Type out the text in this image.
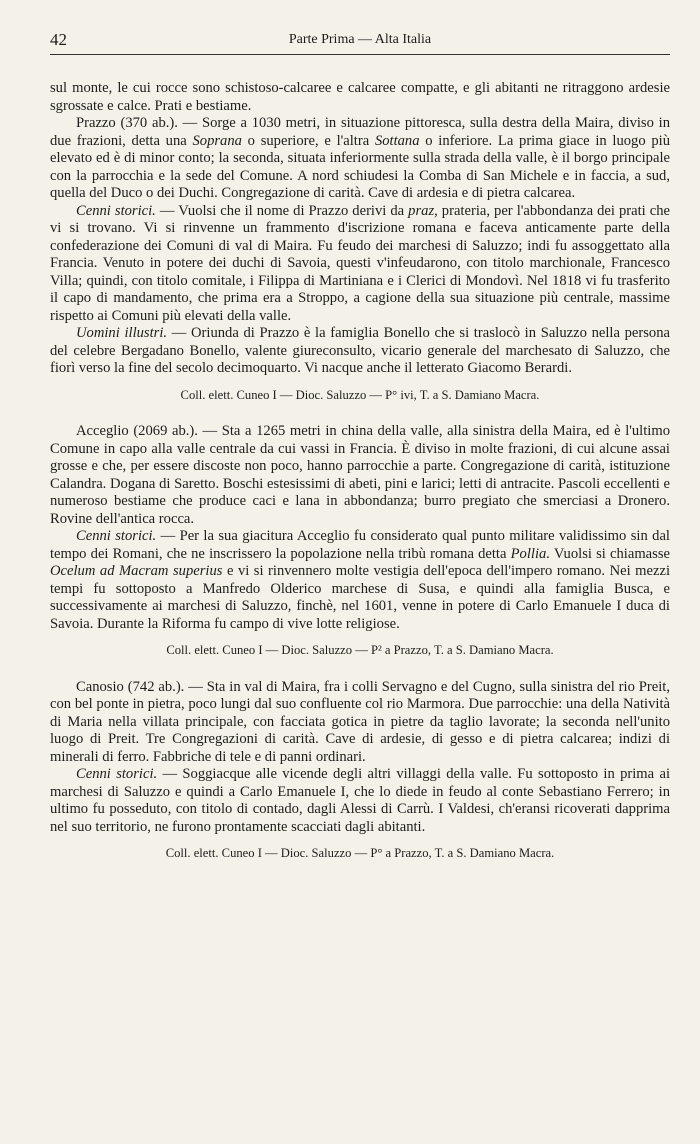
42	Parte Prima — Alta Italia

sul monte, le cui rocce sono schistoso-calcaree e calcaree compatte, e gli abitanti ne ritraggono ardesie sgrossate e calce. Prati e bestiame.

Prazzo (370 ab.). — Sorge a 1030 metri, in situazione pittoresca, sulla destra della Maira, diviso in due frazioni, detta una Soprana o superiore, e l'altra Sottana o inferiore. La prima giace in luogo più elevato ed è di minor conto; la seconda, situata inferiormente sulla strada della valle, è il borgo principale con la parrocchia e la sede del Comune. A nord schiudesi la Comba di San Michele e in faccia, a sud, quella del Duco o dei Duchi. Congregazione di carità. Cave di ardesia e di pietra calcarea.

Cenni storici. — Vuolsi che il nome di Prazzo derivi da praz, prateria, per l'abbondanza dei prati che vi si trovano. Vi si rinvenne un frammento d'iscrizione romana e faceva anticamente parte della confederazione dei Comuni di val di Maira. Fu feudo dei marchesi di Saluzzo; indi fu assoggettato alla Francia. Venuto in potere dei duchi di Savoia, questi v'infeudarono, con titolo marchionale, Francesco Villa; quindi, con titolo comitale, i Filippa di Martiniana e i Clerici di Mondovì. Nel 1818 vi fu trasferito il capo di mandamento, che prima era a Stroppo, a cagione della sua situazione più centrale, massime rispetto ai Comuni più elevati della valle.

Uomini illustri. — Oriunda di Prazzo è la famiglia Bonello che si traslocò in Saluzzo nella persona del celebre Bergadano Bonello, valente giureconsulto, vicario generale del marchesato di Saluzzo, che fiorì verso la fine del secolo decimoquarto. Vi nacque anche il letterato Giacomo Berardi.

Coll. elett. Cuneo I — Dioc. Saluzzo — P° ivi, T. a S. Damiano Macra.

Acceglio (2069 ab.). — Sta a 1265 metri in china della valle, alla sinistra della Maira, ed è l'ultimo Comune in capo alla valle centrale da cui vassi in Francia. È diviso in molte frazioni, di cui alcune assai grosse e che, per essere discoste non poco, hanno parrocchie a parte. Congregazione di carità, istituzione Calandra. Dogana di Saretto. Boschi estesissimi di abeti, pini e larici; letti di antracite. Pascoli eccellenti e numeroso bestiame che produce caci e lana in abbondanza; burro pregiato che smerciasi a Dronero. Rovine dell'antica rocca.

Cenni storici. — Per la sua giacitura Acceglio fu considerato qual punto militare validissimo sin dal tempo dei Romani, che ne inscrissero la popolazione nella tribù romana detta Pollia. Vuolsi si chiamasse Ocelum ad Macram superius e vi si rinvennero molte vestigia dell'epoca dell'impero romano. Nei mezzi tempi fu sottoposto a Manfredo Olderico marchese di Susa, e quindi alla famiglia Busca, e successivamente ai marchesi di Saluzzo, finchè, nel 1601, venne in potere di Carlo Emanuele I duca di Savoia. Durante la Riforma fu campo di vive lotte religiose.

Coll. elett. Cuneo I — Dioc. Saluzzo — P² a Prazzo, T. a S. Damiano Macra.

Canosio (742 ab.). — Sta in val di Maira, fra i colli Servagno e del Cugno, sulla sinistra del rio Preit, con bel ponte in pietra, poco lungi dal suo confluente col rio Marmora. Due parrocchie: una della Natività di Maria nella villata principale, con facciata gotica in pietre da taglio lavorate; la seconda nell'unito luogo di Preit. Tre Congregazioni di carità. Cave di ardesie, di gesso e di pietra calcarea; indizi di minerali di ferro. Fabbriche di tele e di panni ordinari.

Cenni storici. — Soggiacque alle vicende degli altri villaggi della valle. Fu sottoposto in prima ai marchesi di Saluzzo e quindi a Carlo Emanuele I, che lo diede in feudo al conte Sebastiano Ferrero; in ultimo fu posseduto, con titolo di contado, dagli Alessi di Carrù. I Valdesi, ch'eransi ricoverati dapprima nel suo territorio, ne furono prontamente scacciati dagli abitanti.

Coll. elett. Cuneo I — Dioc. Saluzzo — P° a Prazzo, T. a S. Damiano Macra.
